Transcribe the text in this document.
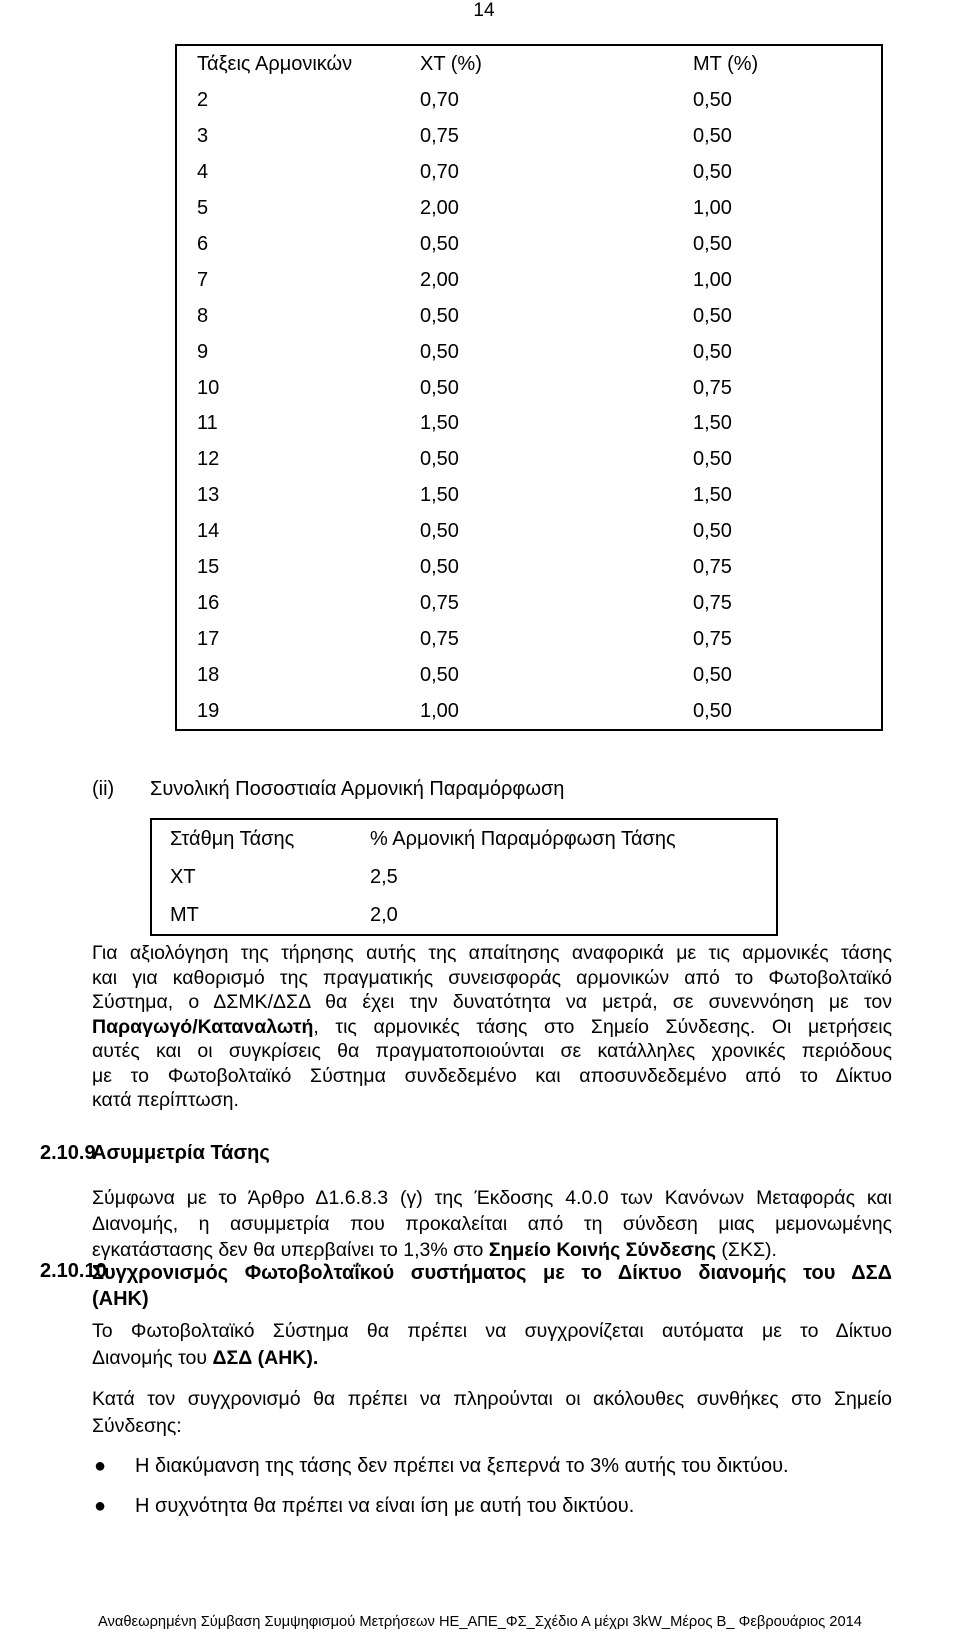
14
Τάξεις Αρμονικών	ΧΤ (%)	ΜΤ (%)
2	0,70	0,50
3	0,75	0,50
4	0,70	0,50
5	2,00	1,00
6	0,50	0,50
7	2,00	1,00
8	0,50	0,50
9	0,50	0,50
10	0,50	0,75
11	1,50	1,50
12	0,50	0,50
13	1,50	1,50
14	0,50	0,50
15	0,50	0,75
16	0,75	0,75
17	0,75	0,75
18	0,50	0,50
19	1,00	0,50
(ii) Συνολική Ποσοστιαία Αρμονική Παραμόρφωση
Στάθμη Τάσης	% Αρμονική Παραμόρφωση Τάσης
ΧΤ	2,5
ΜΤ	2,0
Για αξιολόγηση της τήρησης αυτής της απαίτησης αναφορικά με τις αρμονικές τάσης
και για καθορισμό της πραγματικής συνεισφοράς αρμονικών από το Φωτοβολταϊκό
Σύστημα, ο ΔΣΜΚ/ΔΣΔ θα έχει την δυνατότητα να μετρά, σε συνεννόηση με τον
Παραγωγό/Καταναλωτή, τις αρμονικές τάσης στο Σημείο Σύνδεσης. Οι μετρήσεις
αυτές και οι συγκρίσεις θα πραγματοποιούνται σε κατάλληλες χρονικές περιόδους
με το Φωτοβολταϊκό Σύστημα συνδεδεμένο και αποσυνδεδεμένο από το Δίκτυο
κατά περίπτωση.
2.10.9
Ασυμμετρία Τάσης
Σύμφωνα με το Άρθρο Δ1.6.8.3 (γ) της Έκδοσης 4.0.0 των Κανόνων Μεταφοράς και
Διανομής, η ασυμμετρία που προκαλείται από τη σύνδεση μιας μεμονωμένης
εγκατάστασης δεν θα υπερβαίνει το 1,3% στο Σημείο Κοινής Σύνδεσης (ΣΚΣ).
2.10.10
Συγχρονισμός Φωτοβολταΐκού συστήματος με το Δίκτυο διανομής του ΔΣΔ
(ΑΗΚ)
Το Φωτοβολταϊκό Σύστημα θα πρέπει να συγχρονίζεται αυτόματα με το Δίκτυο
Διανομής του ΔΣΔ (ΑΗΚ).
Κατά τον συγχρονισμό θα πρέπει να πληρούνται οι ακόλουθες συνθήκες στο Σημείο
Σύνδεσης:
● Η διακύμανση της τάσης δεν πρέπει να ξεπερνά το 3% αυτής του δικτύου.
● Η συχνότητα θα πρέπει να είναι ίση με αυτή του δικτύου.
Αναθεωρημένη Σύμβαση Συμψηφισμού Μετρήσεων ΗΕ_ΑΠΕ_ΦΣ_Σχέδιο Α μέχρι 3kW_Μέρος Β_ Φεβρουάριος 2014
